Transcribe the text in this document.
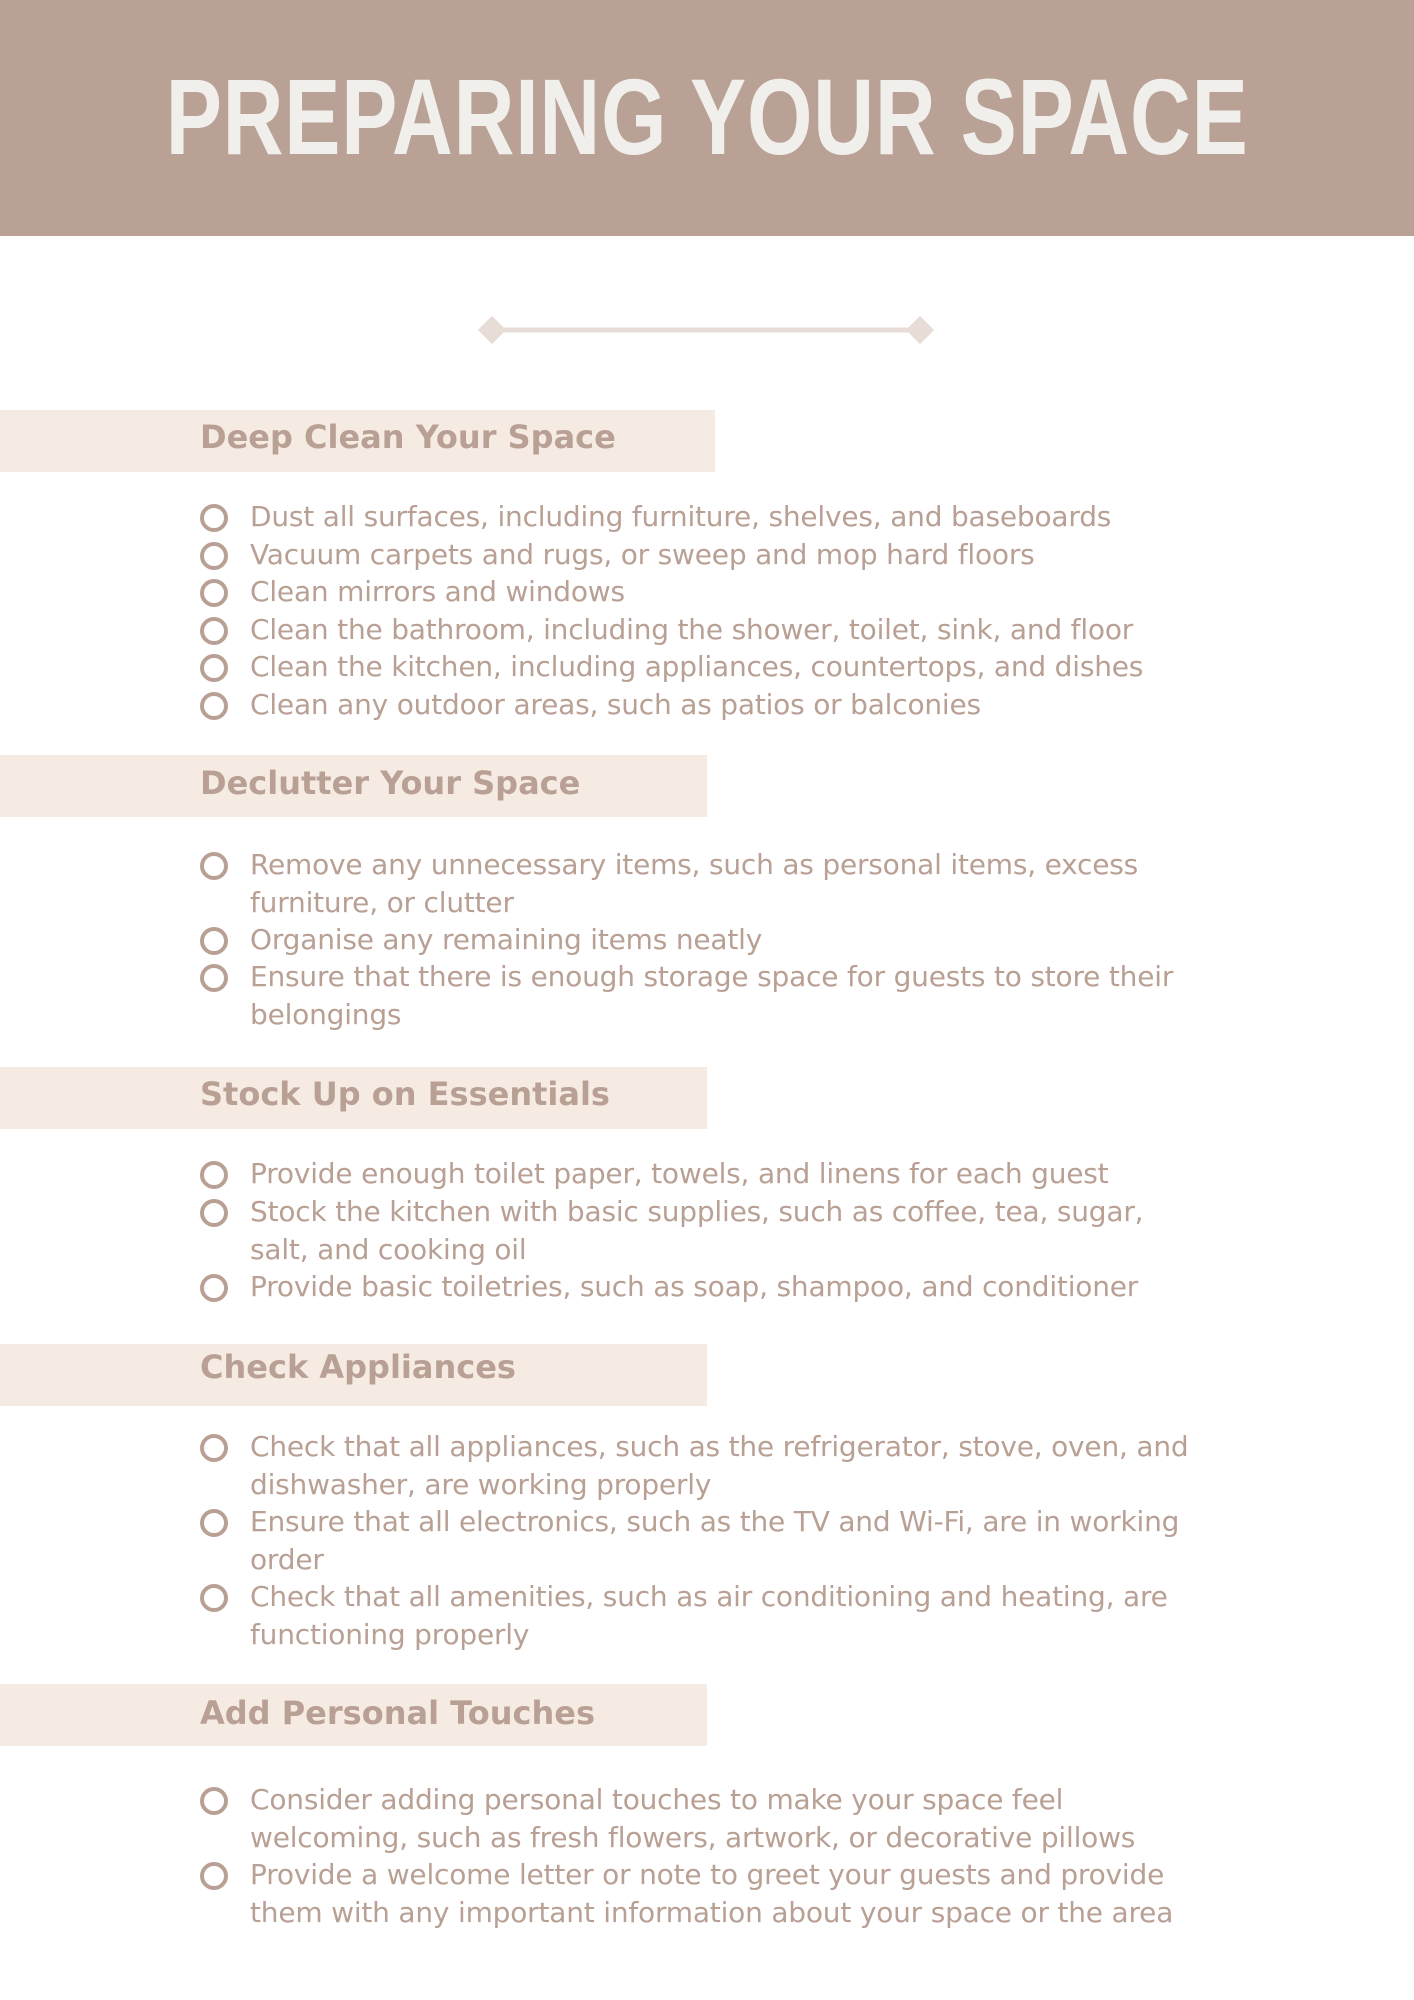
PREPARING YOUR SPACE
Deep Clean Your Space
Dust all surfaces, including furniture, shelves, and baseboards
Vacuum carpets and rugs, or sweep and mop hard floors
Clean mirrors and windows
Clean the bathroom, including the shower, toilet, sink, and floor
Clean the kitchen, including appliances, countertops, and dishes
Clean any outdoor areas, such as patios or balconies
Declutter Your Space
Remove any unnecessary items, such as personal items, excess furniture, or clutter
Organise any remaining items neatly
Ensure that there is enough storage space for guests to store their belongings
Stock Up on Essentials
Provide enough toilet paper, towels, and linens for each guest
Stock the kitchen with basic supplies, such as coffee, tea, sugar, salt, and cooking oil
Provide basic toiletries, such as soap, shampoo, and conditioner
Check Appliances
Check that all appliances, such as the refrigerator, stove, oven, and dishwasher, are working properly
Ensure that all electronics, such as the TV and Wi-Fi, are in working order
Check that all amenities, such as air conditioning and heating, are functioning properly
Add Personal Touches
Consider adding personal touches to make your space feel welcoming, such as fresh flowers, artwork, or decorative pillows
Provide a welcome letter or note to greet your guests and provide them with any important information about your space or the area
